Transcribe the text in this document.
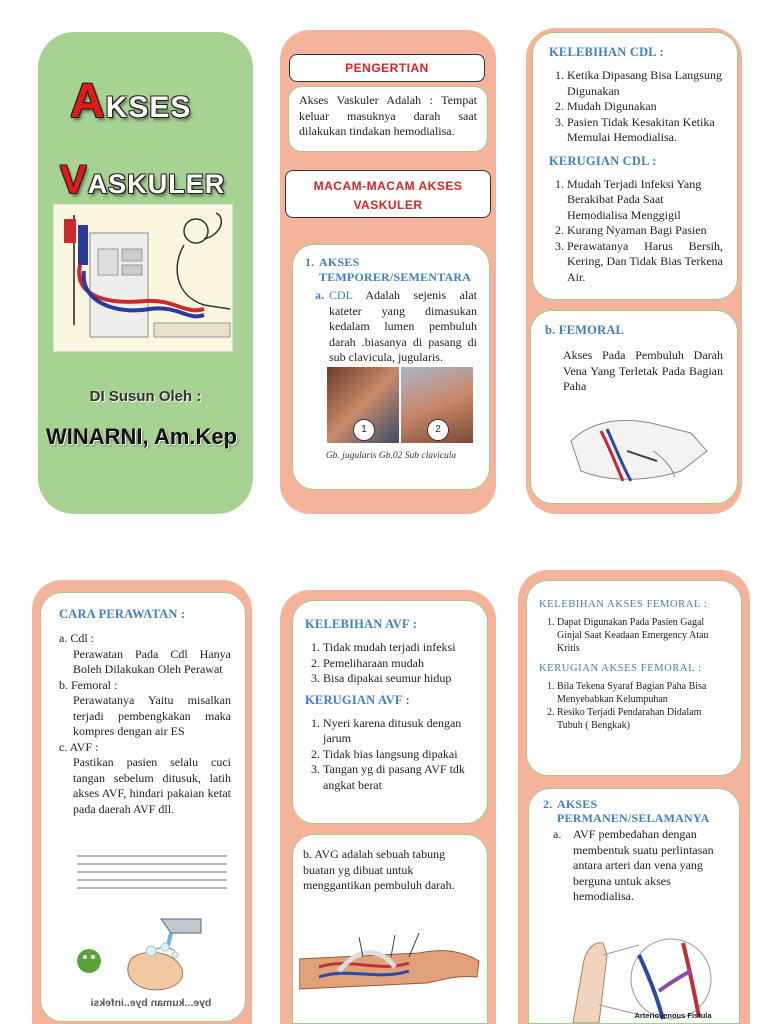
AKSES
VASKULER
DI Susun Oleh :
WINARNI, Am.Kep
PENGERTIAN
Akses Vaskuler Adalah : Tempat keluar masuknya darah saat dilakukan tindakan hemodialisa.
MACAM-MACAM AKSES VASKULER
1. AKSES TEMPORER/SEMENTARA
a. CDL Adalah sejenis alat kateter yang dimasukan kedalam lumen pembuluh darah .biasanya di pasang di sub clavicula, jugularis.
1	2
Gb. jugularis Gb.02 Sub clavicula
KELEBIHAN CDL :
1. Ketika Dipasang Bisa Langsung Digunakan
2. Mudah Digunakan
3. Pasien Tidak Kesakitan Ketika Memulai Hemodialisa.
KERUGIAN CDL :
1. Mudah Terjadi Infeksi Yang Berakibat Pada Saat Hemodialisa Menggigil
2. Kurang Nyaman Bagi Pasien
3. Perawatanya Harus Bersih, Kering, Dan Tidak Bias Terkena Air.
b. FEMORAL
Akses Pada Pembuluh Darah Vena Yang Terletak Pada Bagian Paha
CARA PERAWATAN :
a. Cdl :
Perawatan Pada Cdl Hanya Boleh Dilakukan Oleh Perawat
b. Femoral :
Perawatanya Yaitu misalkan terjadi pembengkakan maka kompres dengan air ES
c. AVF :
Pastikan pasien selalu cuci tangan sebelum ditusuk, latih akses AVF, hindari pakaian ketat pada daerah AVF dll.
bye...kuman bye..infeksi
KELEBIHAN AVF :
1. Tidak mudah terjadi infeksi
2. Pemeliharaan mudah
3. Bisa dipakai seumur hidup
KERUGIAN AVF :
1. Nyeri karena ditusuk dengan jarum
2. Tidak bias langsung dipakai
3. Tangan yg di pasang AVF tdk angkat berat
b. AVG adalah sebuah tabung buatan yg dibuat untuk menggantikan pembuluh darah.
KELEBIHAN AKSES FEMORAL :
1. Dapat Digunakan Pada Pasien Gagal Ginjal Saat Keadaan Emergency Atau Kritis
KERUGIAN AKSES FEMORAL :
1. Bila Tekena Syaraf Bagian Paha Bisa Menyebabkan Kelumpuhan
2. Resiko Terjadi Pendarahan Didalam Tubuh ( Bengkak)
2. AKSES PERMANEN/SELAMANYA
a. AVF pembedahan dengan membentuk suatu perlintasan antara arteri dan vena yang berguna untuk akses hemodialisa.
Arteriovenous Fistula
